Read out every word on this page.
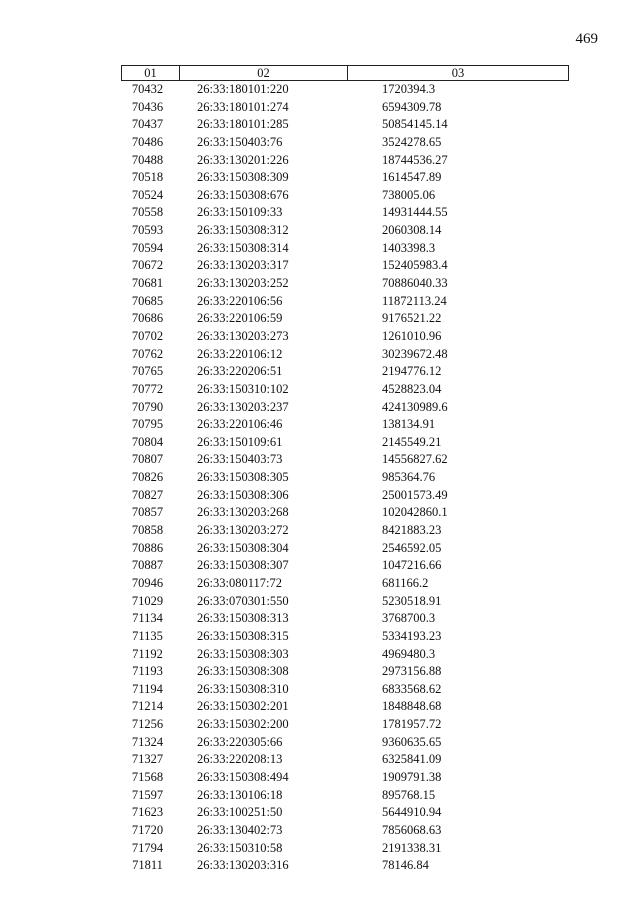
469
01	02	03
70432	26:33:180101:220	1720394.3
70436	26:33:180101:274	6594309.78
70437	26:33:180101:285	50854145.14
70486	26:33:150403:76	3524278.65
70488	26:33:130201:226	18744536.27
70518	26:33:150308:309	1614547.89
70524	26:33:150308:676	738005.06
70558	26:33:150109:33	14931444.55
70593	26:33:150308:312	2060308.14
70594	26:33:150308:314	1403398.3
70672	26:33:130203:317	152405983.4
70681	26:33:130203:252	70886040.33
70685	26:33:220106:56	11872113.24
70686	26:33:220106:59	9176521.22
70702	26:33:130203:273	1261010.96
70762	26:33:220106:12	30239672.48
70765	26:33:220206:51	2194776.12
70772	26:33:150310:102	4528823.04
70790	26:33:130203:237	424130989.6
70795	26:33:220106:46	138134.91
70804	26:33:150109:61	2145549.21
70807	26:33:150403:73	14556827.62
70826	26:33:150308:305	985364.76
70827	26:33:150308:306	25001573.49
70857	26:33:130203:268	102042860.1
70858	26:33:130203:272	8421883.23
70886	26:33:150308:304	2546592.05
70887	26:33:150308:307	1047216.66
70946	26:33:080117:72	681166.2
71029	26:33:070301:550	5230518.91
71134	26:33:150308:313	3768700.3
71135	26:33:150308:315	5334193.23
71192	26:33:150308:303	4969480.3
71193	26:33:150308:308	2973156.88
71194	26:33:150308:310	6833568.62
71214	26:33:150302:201	1848848.68
71256	26:33:150302:200	1781957.72
71324	26:33:220305:66	9360635.65
71327	26:33:220208:13	6325841.09
71568	26:33:150308:494	1909791.38
71597	26:33:130106:18	895768.15
71623	26:33:100251:50	5644910.94
71720	26:33:130402:73	7856068.63
71794	26:33:150310:58	2191338.31
71811	26:33:130203:316	78146.84
